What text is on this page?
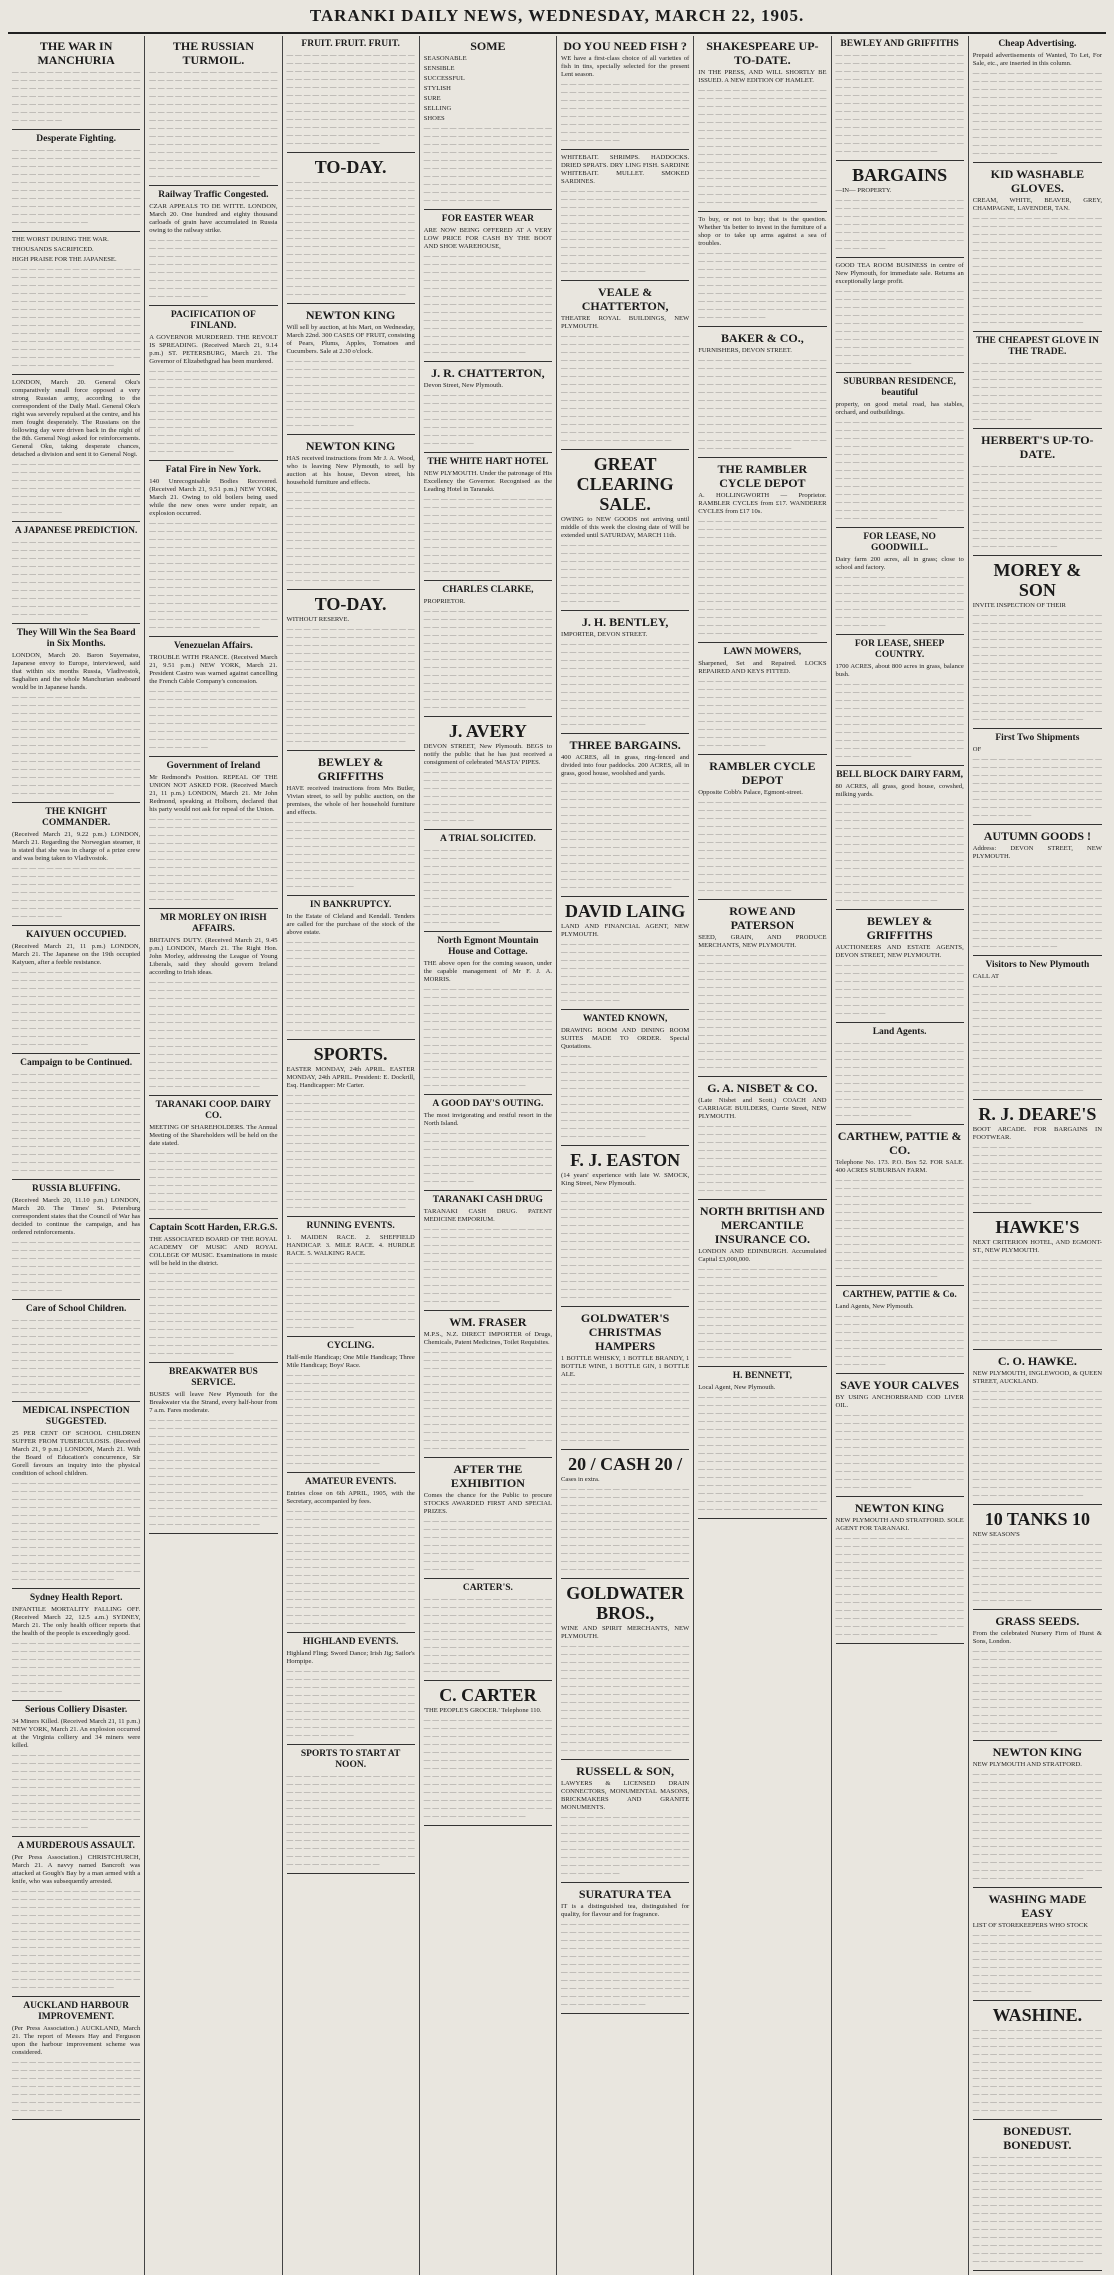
TARANKI DAILY NEWS, WEDNESDAY, MARCH 22, 1905.
THE WAR IN MANCHURIA
— — — — — — — — — — — — — — — — — — — — — — — — — — — — — — — — — — — — — — — — — — — — — — — — — — — — — — — — — — — — — — — — — — — — — — — — — — — — — — — — — — — — — — — — — — — — — — — —
Desperate Fighting.
— — — — — — — — — — — — — — — — — — — — — — — — — — — — — — — — — — — — — — — — — — — — — — — — — — — — — — — — — — — — — — — — — — — — — — — — — — — — — — — — — — — — — — — — — — — — — — — — — — — — — — — — — — — — — — — — — — — — — — — — — — — — — — — — — — — — — — — — — — — — — — — —
THE WORST DURING THE WAR.
THOUSANDS SACRIFICED.
HIGH PRAISE FOR THE JAPANESE.
— — — — — — — — — — — — — — — — — — — — — — — — — — — — — — — — — — — — — — — — — — — — — — — — — — — — — — — — — — — — — — — — — — — — — — — — — — — — — — — — — — — — — — — — — — — — — — — — — — — — — — — — — — — — — — — — — — — — — — — — — — — — — — — — — — — — — — — — — — — — — — — — — — — — — — — — — — — — — — — — — — — — — — — — — — — — — — — — — — — — — — — — — — — — — — — —
LONDON, March 20. General Oku's comparatively small force opposed a very strong Russian army, according to the correspondent of the Daily Mail. General Oku's right was severely repulsed at the centre, and his men fought desperately. The Russians on the following day were driven back in the night of the 8th. General Nogi asked for reinforcements. General Oku, taking desperate chances, detached a division and sent it to General Nogi.
— — — — — — — — — — — — — — — — — — — — — — — — — — — — — — — — — — — — — — — — — — — — — — — — — — — — — — — — — — — — — — — — — — — — — — — — — — — — — — — — — — — — — — — — — — — — — — — —
A JAPANESE PREDICTION.
— — — — — — — — — — — — — — — — — — — — — — — — — — — — — — — — — — — — — — — — — — — — — — — — — — — — — — — — — — — — — — — — — — — — — — — — — — — — — — — — — — — — — — — — — — — — — — — — — — — — — — — — — — — — — — — — — — — — — — — — — — — — — — — — — — — — — — — — — — — — — — — —
They Will Win the Sea Board in Six Months.
LONDON, March 20. Baron Suyematsu, Japanese envoy to Europe, interviewed, said that within six months Russia, Vladivostok, Saghalien and the whole Manchurian seaboard would be in Japanese hands.
— — — — — — — — — — — — — — — — — — — — — — — — — — — — — — — — — — — — — — — — — — — — — — — — — — — — — — — — — — — — — — — — — — — — — — — — — — — — — — — — — — — — — — — — — — — — — — — — — — — — — — — — — — — — — — — — — — — — — — — — — — — — — — — — — — — — — — — — — — — — — — — — — — — — — — — — — — — — — — — — — — — — — — — — — — — — — — — — — — — — — — — — — — — — — — — —
THE KNIGHT COMMANDER.
(Received March 21, 9.22 p.m.) LONDON, March 21. Regarding the Norwegian steamer, it is stated that she was in charge of a prize crew and was being taken to Vladivostok.
— — — — — — — — — — — — — — — — — — — — — — — — — — — — — — — — — — — — — — — — — — — — — — — — — — — — — — — — — — — — — — — — — — — — — — — — — — — — — — — — — — — — — — — — — — — — — — — —
KAIYUEN OCCUPIED.
(Received March 21, 11 p.m.) LONDON, March 21. The Japanese on the 19th occupied Kaiyuen, after a feeble resistance.
— — — — — — — — — — — — — — — — — — — — — — — — — — — — — — — — — — — — — — — — — — — — — — — — — — — — — — — — — — — — — — — — — — — — — — — — — — — — — — — — — — — — — — — — — — — — — — — — — — — — — — — — — — — — — — — — — — — — — — — — — — — — — — — — — — — — — — — — — — — — — — — —
Campaign to be Continued.
— — — — — — — — — — — — — — — — — — — — — — — — — — — — — — — — — — — — — — — — — — — — — — — — — — — — — — — — — — — — — — — — — — — — — — — — — — — — — — — — — — — — — — — — — — — — — — — — — — — — — — — — — — — — — — — — — — — — — — — — — — — — — — — — — — — — — — — — — — — — — — — — — — — — — — — — — — — — — — — — — — — — — — — — — — — — — — — — — — — — — — — — — — — — — — — —
RUSSIA BLUFFING.
(Received March 20, 11.10 p.m.) LONDON, March 20. The Times' St. Petersburg correspondent states that the Council of War has decided to continue the campaign, and has ordered reinforcements.
— — — — — — — — — — — — — — — — — — — — — — — — — — — — — — — — — — — — — — — — — — — — — — — — — — — — — — — — — — — — — — — — — — — — — — — — — — — — — — — — — — — — — — — — — — — — — — — —
Care of School Children.
— — — — — — — — — — — — — — — — — — — — — — — — — — — — — — — — — — — — — — — — — — — — — — — — — — — — — — — — — — — — — — — — — — — — — — — — — — — — — — — — — — — — — — — — — — — — — — — — — — — — — — — — — — — — — — — — — — — — — — — — — — — — — — — — — — — — — — — — — — — — — — — —
MEDICAL INSPECTION SUGGESTED.
25 PER CENT OF SCHOOL CHILDREN SUFFER FROM TUBERCULOSIS. (Received March 21, 9 p.m.) LONDON, March 21. With the Board of Education's concurrence, Sir Gorell favours an inquiry into the physical condition of school children.
— — — — — — — — — — — — — — — — — — — — — — — — — — — — — — — — — — — — — — — — — — — — — — — — — — — — — — — — — — — — — — — — — — — — — — — — — — — — — — — — — — — — — — — — — — — — — — — — — — — — — — — — — — — — — — — — — — — — — — — — — — — — — — — — — — — — — — — — — — — — — — — — — — — — — — — — — — — — — — — — — — — — — — — — — — — — — — — — — — — — — — — — — — — — — — — —
Sydney Health Report.
INFANTILE MORTALITY FALLING OFF. (Received March 22, 12.5 a.m.) SYDNEY, March 21. The only health officer reports that the health of the people is exceedingly good.
— — — — — — — — — — — — — — — — — — — — — — — — — — — — — — — — — — — — — — — — — — — — — — — — — — — — — — — — — — — — — — — — — — — — — — — — — — — — — — — — — — — — — — — — — — — — — — — —
Serious Colliery Disaster.
34 Miners Killed. (Received March 21, 11 p.m.) NEW YORK, March 21. An explosion occurred at the Virginia colliery and 34 miners were killed.
— — — — — — — — — — — — — — — — — — — — — — — — — — — — — — — — — — — — — — — — — — — — — — — — — — — — — — — — — — — — — — — — — — — — — — — — — — — — — — — — — — — — — — — — — — — — — — — — — — — — — — — — — — — — — — — — — — — — — — — — — — — — — — — — — — — — — — — — — — — — — — — —
A MURDEROUS ASSAULT.
(Per Press Association.) CHRISTCHURCH, March 21. A navvy named Bancroft was attacked at Gough's Bay by a man armed with a knife, who was subsequently arrested.
— — — — — — — — — — — — — — — — — — — — — — — — — — — — — — — — — — — — — — — — — — — — — — — — — — — — — — — — — — — — — — — — — — — — — — — — — — — — — — — — — — — — — — — — — — — — — — — — — — — — — — — — — — — — — — — — — — — — — — — — — — — — — — — — — — — — — — — — — — — — — — — — — — — — — — — — — — — — — — — — — — — — — — — — — — — — — — — — — — — — — — — — — — — — — — — —
AUCKLAND HARBOUR IMPROVEMENT.
(Per Press Association.) AUCKLAND, March 21. The report of Messrs Hay and Ferguson upon the harbour improvement scheme was considered.
— — — — — — — — — — — — — — — — — — — — — — — — — — — — — — — — — — — — — — — — — — — — — — — — — — — — — — — — — — — — — — — — — — — — — — — — — — — — — — — — — — — — — — — — — — — — — — — —
THE RUSSIAN TURMOIL.
— — — — — — — — — — — — — — — — — — — — — — — — — — — — — — — — — — — — — — — — — — — — — — — — — — — — — — — — — — — — — — — — — — — — — — — — — — — — — — — — — — — — — — — — — — — — — — — — — — — — — — — — — — — — — — — — — — — — — — — — — — — — — — — — — — — — — — — — — — — — — — — — — — — — — — — — — — — — — — — — — — — — — — — — — — — — — — — — — — — — — — — — — — — — — — — — — — — — — — — — — — — — — — — —
Railway Traffic Congested.
CZAR APPEALS TO DE WITTE. LONDON, March 20. One hundred and eighty thousand carloads of grain have accumulated in Russia owing to the railway strike.
— — — — — — — — — — — — — — — — — — — — — — — — — — — — — — — — — — — — — — — — — — — — — — — — — — — — — — — — — — — — — — — — — — — — — — — — — — — — — — — — — — — — — — — — — — — — — — — — — — — — — — — — — — — — — — — —
PACIFICATION OF FINLAND.
A GOVERNOR MURDERED. THE REVOLT IS SPREADING. (Received March 21, 9.14 p.m.) ST. PETERSBURG, March 21. The Governor of Elizabethgrad has been murdered.
— — — — — — — — — — — — — — — — — — — — — — — — — — — — — — — — — — — — — — — — — — — — — — — — — — — — — — — — — — — — — — — — — — — — — — — — — — — — — — — — — — — — — — — — — — — — — — — — — — — — — — — — — — — — — — — — — — — — — — — — — — — — — — — — — — — — — — — — — — — — — — — — — — — — — — — — — — — — — — — —
Fatal Fire in New York.
140 Unrecognisable Bodies Recovered. (Received March 21, 9.51 p.m.) NEW YORK, March 21. Owing to old boilers being used while the new ones were under repair, an explosion occurred.
— — — — — — — — — — — — — — — — — — — — — — — — — — — — — — — — — — — — — — — — — — — — — — — — — — — — — — — — — — — — — — — — — — — — — — — — — — — — — — — — — — — — — — — — — — — — — — — — — — — — — — — — — — — — — — — — — — — — — — — — — — — — — — — — — — — — — — — — — — — — — — — — — — — — — — — — — — — — — — — — — — — — — — — — — — — — — — — — — — — — — — — — — — — — — — — — — — — — — — — — — — — — — — — —
Venezuelan Affairs.
TROUBLE WITH FRANCE. (Received March 21, 9.51 p.m.) NEW YORK, March 21. President Castro was warned against cancelling the French Cable Company's concession.
— — — — — — — — — — — — — — — — — — — — — — — — — — — — — — — — — — — — — — — — — — — — — — — — — — — — — — — — — — — — — — — — — — — — — — — — — — — — — — — — — — — — — — — — — — — — — — — — — — — — — — — — — — — — — — — —
Government of Ireland
Mr Redmond's Position. REPEAL OF THE UNION NOT ASKED FOR. (Received March 21, 11 p.m.) LONDON, March 21. Mr John Redmond, speaking at Holborn, declared that his party would not ask for repeal of the Union.
— — — — — — — — — — — — — — — — — — — — — — — — — — — — — — — — — — — — — — — — — — — — — — — — — — — — — — — — — — — — — — — — — — — — — — — — — — — — — — — — — — — — — — — — — — — — — — — — — — — — — — — — — — — — — — — — — — — — — — — — — — — — — — — — — — — — — — — — — — — — — — — — — — — — — — — — — — — — — — — —
MR MORLEY ON IRISH AFFAIRS.
BRITAIN'S DUTY. (Received March 21, 9.45 p.m.) LONDON, March 21. The Right Hon. John Morley, addressing the League of Young Liberals, said they should govern Ireland according to Irish ideas.
— — — — — — — — — — — — — — — — — — — — — — — — — — — — — — — — — — — — — — — — — — — — — — — — — — — — — — — — — — — — — — — — — — — — — — — — — — — — — — — — — — — — — — — — — — — — — — — — — — — — — — — — — — — — — — — — — — — — — — — — — — — — — — — — — — — — — — — — — — — — — — — — — — — — — — — — — — — — — — — — — — — — — — — — — — — — — — — — — — — — — — — — — — — — — — — — — — — — — — — — — — — — — — — —
TARANAKI COOP. DAIRY CO.
MEETING OF SHAREHOLDERS. The Annual Meeting of the Shareholders will be held on the date stated.
— — — — — — — — — — — — — — — — — — — — — — — — — — — — — — — — — — — — — — — — — — — — — — — — — — — — — — — — — — — — — — — — — — — — — — — — — — — — — — — — — — — — — — — — — — — — — — — — — — — — — — — — — — — — — — — —
Captain Scott Harden, F.R.G.S.
THE ASSOCIATED BOARD OF THE ROYAL ACADEMY OF MUSIC AND ROYAL COLLEGE OF MUSIC. Examinations in music will be held in the district.
— — — — — — — — — — — — — — — — — — — — — — — — — — — — — — — — — — — — — — — — — — — — — — — — — — — — — — — — — — — — — — — — — — — — — — — — — — — — — — — — — — — — — — — — — — — — — — — — — — — — — — — — — — — — — — — — — — — — — — — — — — — — — — — — — — — — — — — — — — — — — — — — — — — — — — — — — — — — — — — —
BREAKWATER BUS SERVICE.
BUSES will leave New Plymouth for the Breakwater via the Strand, every half-hour from 7 a.m. Fares moderate.
— — — — — — — — — — — — — — — — — — — — — — — — — — — — — — — — — — — — — — — — — — — — — — — — — — — — — — — — — — — — — — — — — — — — — — — — — — — — — — — — — — — — — — — — — — — — — — — — — — — — — — — — — — — — — — — — — — — — — — — — — — — — — — — — — — — — — — — — — — — — — — — — — — — — — — — — — — — — — — — — — — — — — — — — — — — — — — — — — — — — — — — — — — — — — — — — — — — — — — — — — — — — — — — —
FRUIT. FRUIT. FRUIT.
— — — — — — — — — — — — — — — — — — — — — — — — — — — — — — — — — — — — — — — — — — — — — — — — — — — — — — — — — — — — — — — — — — — — — — — — — — — — — — — — — — — — — — — — — — — — — — — — — — — — — — — — — — — — — — — — — — — — — — — — — — — — — — — — — — — — — — — — — — — — — — — — — — — — — — — — — — — — — — — — — — — — — — — — — — — — — — — —
TO-DAY.
— — — — — — — — — — — — — — — — — — — — — — — — — — — — — — — — — — — — — — — — — — — — — — — — — — — — — — — — — — — — — — — — — — — — — — — — — — — — — — — — — — — — — — — — — — — — — — — — — — — — — — — — — — — — — — — — — — — — — — — — — — — — — — — — — — — — — — — — — — — — — — — — — — — — — — — — — — — — — — — — — — — — — — — — — — — — — — — — — — — — — — — — — — — — — — — — — — — — — — — — — — — — — — — — — — — — — — — — — — — — — — — —
NEWTON KING
Will sell by auction, at his Mart, on Wednesday, March 22nd. 300 CASES OF FRUIT, consisting of Pears, Plums, Apples, Tomatoes and Cucumbers. Sale at 2.30 o'clock.
— — — — — — — — — — — — — — — — — — — — — — — — — — — — — — — — — — — — — — — — — — — — — — — — — — — — — — — — — — — — — — — — — — — — — — — — — — — — — — — — — — — — — — — — — — — — — — — — — — — — — — — — — — — — — — — — — — — — — — — — — — — — — — — —
NEWTON KING
HAS received instructions from Mr J. A. Wood, who is leaving New Plymouth, to sell by auction at his house, Devon street, his household furniture and effects.
— — — — — — — — — — — — — — — — — — — — — — — — — — — — — — — — — — — — — — — — — — — — — — — — — — — — — — — — — — — — — — — — — — — — — — — — — — — — — — — — — — — — — — — — — — — — — — — — — — — — — — — — — — — — — — — — — — — — — — — — — — — — — — — — — — — — — — — — — — — — — — — — — — — — — — — — — — — — — — — — — — — — — — — — — — — — — — — —
TO-DAY.
WITHOUT RESERVE.
— — — — — — — — — — — — — — — — — — — — — — — — — — — — — — — — — — — — — — — — — — — — — — — — — — — — — — — — — — — — — — — — — — — — — — — — — — — — — — — — — — — — — — — — — — — — — — — — — — — — — — — — — — — — — — — — — — — — — — — — — — — — — — — — — — — — — — — — — — — — — — — — — — — — — — — — — — — — — — — — — — — — — — — — — — — — — — — — — — — — — — — — — — — — — — — — — — — — — — — — — — — — — — — — — — — — — — — — — — — — — — — —
BEWLEY & GRIFFITHS
HAVE received instructions from Mrs Butler, Vivian street, to sell by public auction, on the premises, the whole of her household furniture and effects.
— — — — — — — — — — — — — — — — — — — — — — — — — — — — — — — — — — — — — — — — — — — — — — — — — — — — — — — — — — — — — — — — — — — — — — — — — — — — — — — — — — — — — — — — — — — — — — — — — — — — — — — — — — — — — — — — — — — — — — — — — — — — — — — —
IN BANKRUPTCY.
In the Estate of Cleland and Kendall. Tenders are called for the purchase of the stock of the above estate.
— — — — — — — — — — — — — — — — — — — — — — — — — — — — — — — — — — — — — — — — — — — — — — — — — — — — — — — — — — — — — — — — — — — — — — — — — — — — — — — — — — — — — — — — — — — — — — — — — — — — — — — — — — — — — — — — — — — — — — — — — — — — — — — — — — — — — — — — — — — — — — — — — — — — — — — — — — — — — — — — — — — — — — — — — — — — — — — —
SPORTS.
EASTER MONDAY, 24th APRIL. EASTER MONDAY, 24th APRIL. President: E. Dockrill, Esq. Handicapper: Mr Carter.
— — — — — — — — — — — — — — — — — — — — — — — — — — — — — — — — — — — — — — — — — — — — — — — — — — — — — — — — — — — — — — — — — — — — — — — — — — — — — — — — — — — — — — — — — — — — — — — — — — — — — — — — — — — — — — — — — — — — — — — — — — — — — — — — — — — — — — — — — — — — — — — — — — — — — — — — — — — — — — — — — — — — — — — — — — — — — — — — — — — — — — — — — — — — — — — — — — — — — — — — — — — — — — — — — — — — — — — — — — — — — — — —
RUNNING EVENTS.
1. MAIDEN RACE. 2. SHEFFIELD HANDICAP. 3. MILE RACE. 4. HURDLE RACE. 5. WALKING RACE.
— — — — — — — — — — — — — — — — — — — — — — — — — — — — — — — — — — — — — — — — — — — — — — — — — — — — — — — — — — — — — — — — — — — — — — — — — — — — — — — — — — — — — — — — — — — — — — — — — — — — — — — — — — — — — — — — — — — — — — — — — — — — — — — —
CYCLING.
Half-mile Handicap; One Mile Handicap; Three Mile Handicap; Boys' Race.
— — — — — — — — — — — — — — — — — — — — — — — — — — — — — — — — — — — — — — — — — — — — — — — — — — — — — — — — — — — — — — — — — — — — — — — — — — — — — — — — — — — — — — — — — — — — — — — — — — — — — — — — — — — — — — — — — — — — — — — — — — — — — — — — — — — — — — — — — — — — — — — — — — — — — — — — — — — — — — — — — — — — — — — — — — — — — — — —
AMATEUR EVENTS.
Entries close on 6th APRIL, 1905, with the Secretary, accompanied by fees.
— — — — — — — — — — — — — — — — — — — — — — — — — — — — — — — — — — — — — — — — — — — — — — — — — — — — — — — — — — — — — — — — — — — — — — — — — — — — — — — — — — — — — — — — — — — — — — — — — — — — — — — — — — — — — — — — — — — — — — — — — — — — — — — — — — — — — — — — — — — — — — — — — — — — — — — — — — — — — — — — — — — — — — — — — — — — — — — — — — — — — — — — — — — — — — — — — — — — — — — — — — — — — — — — — — — — — — — — — — — — — — — —
HIGHLAND EVENTS.
Highland Fling; Sword Dance; Irish Jig; Sailor's Hornpipe.
— — — — — — — — — — — — — — — — — — — — — — — — — — — — — — — — — — — — — — — — — — — — — — — — — — — — — — — — — — — — — — — — — — — — — — — — — — — — — — — — — — — — — — — — — — — — — — — — — — — — — — — — — — — — — — — — — — — — — — — — — — — — — — — —
SPORTS TO START AT NOON.
— — — — — — — — — — — — — — — — — — — — — — — — — — — — — — — — — — — — — — — — — — — — — — — — — — — — — — — — — — — — — — — — — — — — — — — — — — — — — — — — — — — — — — — — — — — — — — — — — — — — — — — — — — — — — — — — — — — — — — — — — — — — — — — — — — — — — — — — — — — — — — — — — — — — — — — — — — — — — — — — — — — — — — — — — — — — — — — —
SOME
SEASONABLE
SENSIBLE
SUCCESSFUL
STYLISH
SURE
SELLING
SHOES
— — — — — — — — — — — — — — — — — — — — — — — — — — — — — — — — — — — — — — — — — — — — — — — — — — — — — — — — — — — — — — — — — — — — — — — — — — — — — — — — — — — — — — — — — — — — — — — — — — — — — — — — — — — — — — — — — — — — — — — — — — — — — — — — — — — — — — — — — — — — — — — —
FOR EASTER WEAR
ARE NOW BEING OFFERED AT A VERY LOW PRICE FOR CASH BY THE BOOT AND SHOE WAREHOUSE,
— — — — — — — — — — — — — — — — — — — — — — — — — — — — — — — — — — — — — — — — — — — — — — — — — — — — — — — — — — — — — — — — — — — — — — — — — — — — — — — — — — — — — — — — — — — — — — — — — — — — — — — — — — — — — — — — — — — — — — — — — — — — — — — — — — — — — — — — — — — — — — — — — — — — — — — — — — — — — — — — — — — — — — — — — — — — — — — — — — — — — — — — — — — — — — — —
J. R. CHATTERTON,
Devon Street, New Plymouth.
— — — — — — — — — — — — — — — — — — — — — — — — — — — — — — — — — — — — — — — — — — — — — — — — — — — — — — — — — — — — — — — — — — — — — — — — — — — — — — — — — — — — — — — — — — — — — — — —
THE WHITE HART HOTEL
NEW PLYMOUTH. Under the patronage of His Excellency the Governor. Recognised as the Leading Hotel in Taranaki.
— — — — — — — — — — — — — — — — — — — — — — — — — — — — — — — — — — — — — — — — — — — — — — — — — — — — — — — — — — — — — — — — — — — — — — — — — — — — — — — — — — — — — — — — — — — — — — — — — — — — — — — — — — — — — — — — — — — — — — — — — — — — — — — — — — — — — — — — — — — — — — — —
CHARLES CLARKE,
PROPRIETOR.
— — — — — — — — — — — — — — — — — — — — — — — — — — — — — — — — — — — — — — — — — — — — — — — — — — — — — — — — — — — — — — — — — — — — — — — — — — — — — — — — — — — — — — — — — — — — — — — — — — — — — — — — — — — — — — — — — — — — — — — — — — — — — — — — — — — — — — — — — — — — — — — — — — — — — — — — — — — — — — — — — — — — — — — — — — — — — — — — — — — — — — — — — — — — — — — —
J. AVERY
DEVON STREET, New Plymouth. BEGS to notify the public that he has just received a consignment of celebrated 'MASTA' PIPES.
— — — — — — — — — — — — — — — — — — — — — — — — — — — — — — — — — — — — — — — — — — — — — — — — — — — — — — — — — — — — — — — — — — — — — — — — — — — — — — — — — — — — — — — — — — — — — — — —
A TRIAL SOLICITED.
— — — — — — — — — — — — — — — — — — — — — — — — — — — — — — — — — — — — — — — — — — — — — — — — — — — — — — — — — — — — — — — — — — — — — — — — — — — — — — — — — — — — — — — — — — — — — — — — — — — — — — — — — — — — — — — — — — — — — — — — — — — — — — — — — — — — — — — — — — — — — — — —
North Egmont Mountain House and Cottage.
THE above open for the coming season, under the capable management of Mr F. J. A. MORRIS.
— — — — — — — — — — — — — — — — — — — — — — — — — — — — — — — — — — — — — — — — — — — — — — — — — — — — — — — — — — — — — — — — — — — — — — — — — — — — — — — — — — — — — — — — — — — — — — — — — — — — — — — — — — — — — — — — — — — — — — — — — — — — — — — — — — — — — — — — — — — — — — — — — — — — — — — — — — — — — — — — — — — — — — — — — — — — — — — — — — — — — — — — — — — — — — — —
A GOOD DAY'S OUTING.
The most invigorating and restful resort in the North Island.
— — — — — — — — — — — — — — — — — — — — — — — — — — — — — — — — — — — — — — — — — — — — — — — — — — — — — — — — — — — — — — — — — — — — — — — — — — — — — — — — — — — — — — — — — — — — — — — —
TARANAKI CASH DRUG
TARANAKI CASH DRUG. PATENT MEDICINE EMPORIUM.
— — — — — — — — — — — — — — — — — — — — — — — — — — — — — — — — — — — — — — — — — — — — — — — — — — — — — — — — — — — — — — — — — — — — — — — — — — — — — — — — — — — — — — — — — — — — — — — — — — — — — — — — — — — — — — — — — — — — — — — — — — — — — — — — — — — — — — — — — — — — — — — —
WM. FRASER
M.P.S., N.Z. DIRECT IMPORTER of Drugs, Chemicals, Patent Medicines, Toilet Requisites.
— — — — — — — — — — — — — — — — — — — — — — — — — — — — — — — — — — — — — — — — — — — — — — — — — — — — — — — — — — — — — — — — — — — — — — — — — — — — — — — — — — — — — — — — — — — — — — — — — — — — — — — — — — — — — — — — — — — — — — — — — — — — — — — — — — — — — — — — — — — — — — — — — — — — — — — — — — — — — — — — — — — — — — — — — — — — — — — — — — — — — — — — — — — — — — — —
AFTER THE EXHIBITION
Comes the chance for the Public to procure STOCKS AWARDED FIRST AND SPECIAL PRIZES.
— — — — — — — — — — — — — — — — — — — — — — — — — — — — — — — — — — — — — — — — — — — — — — — — — — — — — — — — — — — — — — — — — — — — — — — — — — — — — — — — — — — — — — — — — — — — — — — —
CARTER'S.
— — — — — — — — — — — — — — — — — — — — — — — — — — — — — — — — — — — — — — — — — — — — — — — — — — — — — — — — — — — — — — — — — — — — — — — — — — — — — — — — — — — — — — — — — — — — — — — — — — — — — — — — — — — — — — — — — — — — — — — — — — — — — — — — — — — — — — — — — — — — — — — —
C. CARTER
'THE PEOPLE'S GROCER.' Telephone 110.
— — — — — — — — — — — — — — — — — — — — — — — — — — — — — — — — — — — — — — — — — — — — — — — — — — — — — — — — — — — — — — — — — — — — — — — — — — — — — — — — — — — — — — — — — — — — — — — — — — — — — — — — — — — — — — — — — — — — — — — — — — — — — — — — — — — — — — — — — — — — — — — — — — — — — — — — — — — — — — — — — — — — — — — — — — — — — — — — — — — — — — — — — — — — — — — —
DO YOU NEED FISH ?
WE have a first-class choice of all varieties of fish in tins, specially selected for the present Lent season.
— — — — — — — — — — — — — — — — — — — — — — — — — — — — — — — — — — — — — — — — — — — — — — — — — — — — — — — — — — — — — — — — — — — — — — — — — — — — — — — — — — — — — — — — — — — — — — — — — — — — — — — — — — — — — — — —
WHITEBAIT. SHRIMPS. HADDOCKS. DRIED SPRATS. DRY LING FISH. SARDINE WHITEBAIT. MULLET. SMOKED SARDINES.
— — — — — — — — — — — — — — — — — — — — — — — — — — — — — — — — — — — — — — — — — — — — — — — — — — — — — — — — — — — — — — — — — — — — — — — — — — — — — — — — — — — — — — — — — — — — — — — — — — — — — — — — — — — — — — — — — — — — — — — — — — — — — — — — — — — — — — — — — — — — — — — — — — — — — — — — — — — — — — — —
VEALE & CHATTERTON,
THEATRE ROYAL BUILDINGS, NEW PLYMOUTH.
— — — — — — — — — — — — — — — — — — — — — — — — — — — — — — — — — — — — — — — — — — — — — — — — — — — — — — — — — — — — — — — — — — — — — — — — — — — — — — — — — — — — — — — — — — — — — — — — — — — — — — — — — — — — — — — — — — — — — — — — — — — — — — — — — — — — — — — — — — — — — — — — — — — — — — — — — — — — — — — — — — — — — — — — — — — — — — — — — — — — — — — — — — — — — — — — — — — — — — — — — — — — — — — —
GREAT CLEARING SALE.
OWING to NEW GOODS not arriving until middle of this week the closing date of Will be extended until SATURDAY, MARCH 11th.
— — — — — — — — — — — — — — — — — — — — — — — — — — — — — — — — — — — — — — — — — — — — — — — — — — — — — — — — — — — — — — — — — — — — — — — — — — — — — — — — — — — — — — — — — — — — — — — — — — — — — — — — — — — — — — — —
J. H. BENTLEY,
IMPORTER, DEVON STREET.
— — — — — — — — — — — — — — — — — — — — — — — — — — — — — — — — — — — — — — — — — — — — — — — — — — — — — — — — — — — — — — — — — — — — — — — — — — — — — — — — — — — — — — — — — — — — — — — — — — — — — — — — — — — — — — — — — — — — — — — — — — — — — — — — — — — — — — — — — — — — — — — — — — — — — — — — — — — — — — — —
THREE BARGAINS.
400 ACRES, all in grass, ring-fenced and divided into four paddocks. 200 ACRES, all in grass, good house, woolshed and yards.
— — — — — — — — — — — — — — — — — — — — — — — — — — — — — — — — — — — — — — — — — — — — — — — — — — — — — — — — — — — — — — — — — — — — — — — — — — — — — — — — — — — — — — — — — — — — — — — — — — — — — — — — — — — — — — — — — — — — — — — — — — — — — — — — — — — — — — — — — — — — — — — — — — — — — — — — — — — — — — — — — — — — — — — — — — — — — — — — — — — — — — — — — — — — — — — — — — — — — — — — — — — — — — — —
DAVID LAING
LAND AND FINANCIAL AGENT, NEW PLYMOUTH.
— — — — — — — — — — — — — — — — — — — — — — — — — — — — — — — — — — — — — — — — — — — — — — — — — — — — — — — — — — — — — — — — — — — — — — — — — — — — — — — — — — — — — — — — — — — — — — — — — — — — — — — — — — — — — — — —
WANTED KNOWN,
DRAWING ROOM AND DINING ROOM SUITES MADE TO ORDER. Special Quotations.
— — — — — — — — — — — — — — — — — — — — — — — — — — — — — — — — — — — — — — — — — — — — — — — — — — — — — — — — — — — — — — — — — — — — — — — — — — — — — — — — — — — — — — — — — — — — — — — — — — — — — — — — — — — — — — — — — — — — — — — — — — — — — — — — — — — — — — — — — — — — — — — — — — — — — — — — — — — — — — — —
F. J. EASTON
(14 years' experience with late W. SMOCK, King Street, New Plymouth.
— — — — — — — — — — — — — — — — — — — — — — — — — — — — — — — — — — — — — — — — — — — — — — — — — — — — — — — — — — — — — — — — — — — — — — — — — — — — — — — — — — — — — — — — — — — — — — — — — — — — — — — — — — — — — — — — — — — — — — — — — — — — — — — — — — — — — — — — — — — — — — — — — — — — — — — — — — — — — — — — — — — — — — — — — — — — — — — — — — — — — — — — — — — — — — — — — — — — — — — — — — — — — — — —
GOLDWATER'S CHRISTMAS HAMPERS
1 BOTTLE WHISKY, 1 BOTTLE BRANDY, 1 BOTTLE WINE, 1 BOTTLE GIN, 1 BOTTLE ALE.
— — — — — — — — — — — — — — — — — — — — — — — — — — — — — — — — — — — — — — — — — — — — — — — — — — — — — — — — — — — — — — — — — — — — — — — — — — — — — — — — — — — — — — — — — — — — — — — — — — — — — — — — — — — — — — — —
20 / CASH 20 /
Cases in extra.
— — — — — — — — — — — — — — — — — — — — — — — — — — — — — — — — — — — — — — — — — — — — — — — — — — — — — — — — — — — — — — — — — — — — — — — — — — — — — — — — — — — — — — — — — — — — — — — — — — — — — — — — — — — — — — — — — — — — — — — — — — — — — — — — — — — — — — — — — — — — — — — — — — — — — — — — — — — — — — — —
GOLDWATER BROS.,
WINE AND SPIRIT MERCHANTS, NEW PLYMOUTH.
— — — — — — — — — — — — — — — — — — — — — — — — — — — — — — — — — — — — — — — — — — — — — — — — — — — — — — — — — — — — — — — — — — — — — — — — — — — — — — — — — — — — — — — — — — — — — — — — — — — — — — — — — — — — — — — — — — — — — — — — — — — — — — — — — — — — — — — — — — — — — — — — — — — — — — — — — — — — — — — — — — — — — — — — — — — — — — — — — — — — — — — — — — — — — — — — — — — — — — — — — — — — — — — —
RUSSELL & SON,
LAWYERS & LICENSED DRAIN CONNECTORS, MONUMENTAL MASONS, BRICKMAKERS AND GRANITE MONUMENTS.
— — — — — — — — — — — — — — — — — — — — — — — — — — — — — — — — — — — — — — — — — — — — — — — — — — — — — — — — — — — — — — — — — — — — — — — — — — — — — — — — — — — — — — — — — — — — — — — — — — — — — — — — — — — — — — — —
SURATURA TEA
IT is a distinguished tea, distinguished for quality, for flavour and for fragrance.
— — — — — — — — — — — — — — — — — — — — — — — — — — — — — — — — — — — — — — — — — — — — — — — — — — — — — — — — — — — — — — — — — — — — — — — — — — — — — — — — — — — — — — — — — — — — — — — — — — — — — — — — — — — — — — — — — — — — — — — — — — — — — — — — — — — — — — — — — — — — — — — — — — — — — — — — — — — — — — — —
SHAKESPEARE UP-TO-DATE.
IN THE PRESS, AND WILL SHORTLY BE ISSUED. A NEW EDITION OF HAMLET.
— — — — — — — — — — — — — — — — — — — — — — — — — — — — — — — — — — — — — — — — — — — — — — — — — — — — — — — — — — — — — — — — — — — — — — — — — — — — — — — — — — — — — — — — — — — — — — — — — — — — — — — — — — — — — — — — — — — — — — — — — — — — — — — — — — — — — — — — — — — — — — — — — — — — — — — — — — — — — — — — — — — — — — — — — — — — — — — — — — — — — — — — — — — — — — — — — — — — — — — — — — — — — — — — — — — — — — — — — — — — — — — —
To buy, or not to buy; that is the question. Whether 'tis better to invest in the furniture of a shop or to take up arms against a sea of troubles.
— — — — — — — — — — — — — — — — — — — — — — — — — — — — — — — — — — — — — — — — — — — — — — — — — — — — — — — — — — — — — — — — — — — — — — — — — — — — — — — — — — — — — — — — — — — — — — — — — — — — — — — — — — — — — — — — — — — — — — — — — — — — — — — —
BAKER & CO.,
FURNISHERS, DEVON STREET.
— — — — — — — — — — — — — — — — — — — — — — — — — — — — — — — — — — — — — — — — — — — — — — — — — — — — — — — — — — — — — — — — — — — — — — — — — — — — — — — — — — — — — — — — — — — — — — — — — — — — — — — — — — — — — — — — — — — — — — — — — — — — — — — — — — — — — — — — — — — — — — — — — — — — — — — — — — — — — — — — — — — — — — — — — — — — — — — —
THE RAMBLER CYCLE DEPOT
A. HOLLINGWORTH — Proprietor. RAMBLER CYCLES from £17. WANDERER CYCLES from £17 10s.
— — — — — — — — — — — — — — — — — — — — — — — — — — — — — — — — — — — — — — — — — — — — — — — — — — — — — — — — — — — — — — — — — — — — — — — — — — — — — — — — — — — — — — — — — — — — — — — — — — — — — — — — — — — — — — — — — — — — — — — — — — — — — — — — — — — — — — — — — — — — — — — — — — — — — — — — — — — — — — — — — — — — — — — — — — — — — — — — — — — — — — — — — — — — — — — — — — — — — — — — — — — — — — — — — — — — — — — — — — — — — — — —
LAWN MOWERS,
Sharpened, Set and Repaired. LOCKS REPAIRED AND KEYS FITTED.
— — — — — — — — — — — — — — — — — — — — — — — — — — — — — — — — — — — — — — — — — — — — — — — — — — — — — — — — — — — — — — — — — — — — — — — — — — — — — — — — — — — — — — — — — — — — — — — — — — — — — — — — — — — — — — — — — — — — — — — — — — — — — — — —
RAMBLER CYCLE DEPOT
Opposite Cobb's Palace, Egmont-street.
— — — — — — — — — — — — — — — — — — — — — — — — — — — — — — — — — — — — — — — — — — — — — — — — — — — — — — — — — — — — — — — — — — — — — — — — — — — — — — — — — — — — — — — — — — — — — — — — — — — — — — — — — — — — — — — — — — — — — — — — — — — — — — — — — — — — — — — — — — — — — — — — — — — — — — — — — — — — — — — — — — — — — — — — — — — — — — — —
ROWE AND PATERSON
SEED, GRAIN, AND PRODUCE MERCHANTS, NEW PLYMOUTH.
— — — — — — — — — — — — — — — — — — — — — — — — — — — — — — — — — — — — — — — — — — — — — — — — — — — — — — — — — — — — — — — — — — — — — — — — — — — — — — — — — — — — — — — — — — — — — — — — — — — — — — — — — — — — — — — — — — — — — — — — — — — — — — — — — — — — — — — — — — — — — — — — — — — — — — — — — — — — — — — — — — — — — — — — — — — — — — — — — — — — — — — — — — — — — — — — — — — — — — — — — — — — — — — — — — — — — — — — — — — — — — — —
G. A. NISBET & CO.
(Late Nisbet and Scott.) COACH AND CARRIAGE BUILDERS, Currie Street, NEW PLYMOUTH.
— — — — — — — — — — — — — — — — — — — — — — — — — — — — — — — — — — — — — — — — — — — — — — — — — — — — — — — — — — — — — — — — — — — — — — — — — — — — — — — — — — — — — — — — — — — — — — — — — — — — — — — — — — — — — — — — — — — — — — — — — — — — — — — —
NORTH BRITISH AND MERCANTILE INSURANCE CO.
LONDON AND EDINBURGH. Accumulated Capital £3,000,000.
— — — — — — — — — — — — — — — — — — — — — — — — — — — — — — — — — — — — — — — — — — — — — — — — — — — — — — — — — — — — — — — — — — — — — — — — — — — — — — — — — — — — — — — — — — — — — — — — — — — — — — — — — — — — — — — — — — — — — — — — — — — — — — — — — — — — — — — — — — — — — — — — — — — — — — — — — — — — — — — — — — — — — — — — — — — — — — — —
H. BENNETT,
Local Agent, New Plymouth.
— — — — — — — — — — — — — — — — — — — — — — — — — — — — — — — — — — — — — — — — — — — — — — — — — — — — — — — — — — — — — — — — — — — — — — — — — — — — — — — — — — — — — — — — — — — — — — — — — — — — — — — — — — — — — — — — — — — — — — — — — — — — — — — — — — — — — — — — — — — — — — — — — — — — — — — — — — — — — — — — — — — — — — — — — — — — — — — — — — — — — — — — — — — — — — — — — — — — — — — — — — — — — — — — — — — — — — — — — — — — — — — —
BEWLEY AND GRIFFITHS
— — — — — — — — — — — — — — — — — — — — — — — — — — — — — — — — — — — — — — — — — — — — — — — — — — — — — — — — — — — — — — — — — — — — — — — — — — — — — — — — — — — — — — — — — — — — — — — — — — — — — — — — — — — — — — — — — — — — — — — — — — — — — — — — — — — — — — — — — — — — — — — — — — — — — — — — — — — — — — — — — — — — — — — — — — — — — — — — — — — — — — — — — — — — — — — —
BARGAINS
—IN— PROPERTY.
— — — — — — — — — — — — — — — — — — — — — — — — — — — — — — — — — — — — — — — — — — — — — — — — — — — — — — — — — — — — — — — — — — — — — — — — — — — — — — — — — — — — — — — — — — — — — — — —
GOOD TEA ROOM BUSINESS in centre of New Plymouth, for immediate sale. Returns an exceptionally large profit.
— — — — — — — — — — — — — — — — — — — — — — — — — — — — — — — — — — — — — — — — — — — — — — — — — — — — — — — — — — — — — — — — — — — — — — — — — — — — — — — — — — — — — — — — — — — — — — — — — — — — — — — — — — — — — — — — — — — — — — — — — — — — — — — — — — — — — — — — — — — — — — — —
SUBURBAN RESIDENCE, beautiful
property, on good metal road, has stables, orchard, and outbuildings.
— — — — — — — — — — — — — — — — — — — — — — — — — — — — — — — — — — — — — — — — — — — — — — — — — — — — — — — — — — — — — — — — — — — — — — — — — — — — — — — — — — — — — — — — — — — — — — — — — — — — — — — — — — — — — — — — — — — — — — — — — — — — — — — — — — — — — — — — — — — — — — — — — — — — — — — — — — — — — — — — — — — — — — — — — — — — — — — — — — — — — — — — — — — — — — — —
FOR LEASE, NO GOODWILL.
Dairy farm 200 acres, all in grass; close to school and factory.
— — — — — — — — — — — — — — — — — — — — — — — — — — — — — — — — — — — — — — — — — — — — — — — — — — — — — — — — — — — — — — — — — — — — — — — — — — — — — — — — — — — — — — — — — — — — — — — —
FOR LEASE, SHEEP COUNTRY.
1700 ACRES, about 800 acres in grass, balance bush.
— — — — — — — — — — — — — — — — — — — — — — — — — — — — — — — — — — — — — — — — — — — — — — — — — — — — — — — — — — — — — — — — — — — — — — — — — — — — — — — — — — — — — — — — — — — — — — — — — — — — — — — — — — — — — — — — — — — — — — — — — — — — — — — — — — — — — — — — — — — — — — — —
BELL BLOCK DAIRY FARM,
80 ACRES, all grass, good house, cowshed, milking yards.
— — — — — — — — — — — — — — — — — — — — — — — — — — — — — — — — — — — — — — — — — — — — — — — — — — — — — — — — — — — — — — — — — — — — — — — — — — — — — — — — — — — — — — — — — — — — — — — — — — — — — — — — — — — — — — — — — — — — — — — — — — — — — — — — — — — — — — — — — — — — — — — — — — — — — — — — — — — — — — — — — — — — — — — — — — — — — — — — — — — — — — — — — — — — — — — —
BEWLEY & GRIFFITHS
AUCTIONEERS AND ESTATE AGENTS, DEVON STREET, NEW PLYMOUTH.
— — — — — — — — — — — — — — — — — — — — — — — — — — — — — — — — — — — — — — — — — — — — — — — — — — — — — — — — — — — — — — — — — — — — — — — — — — — — — — — — — — — — — — — — — — — — — — — —
Land Agents.
— — — — — — — — — — — — — — — — — — — — — — — — — — — — — — — — — — — — — — — — — — — — — — — — — — — — — — — — — — — — — — — — — — — — — — — — — — — — — — — — — — — — — — — — — — — — — — — — — — — — — — — — — — — — — — — — — — — — — — — — — — — — — — — — — — — — — — — — — — — — — — — —
CARTHEW, PATTIE & CO.
Telephone No. 173. P.O. Box 52. FOR SALE. 400 ACRES SUBURBAN FARM.
— — — — — — — — — — — — — — — — — — — — — — — — — — — — — — — — — — — — — — — — — — — — — — — — — — — — — — — — — — — — — — — — — — — — — — — — — — — — — — — — — — — — — — — — — — — — — — — — — — — — — — — — — — — — — — — — — — — — — — — — — — — — — — — — — — — — — — — — — — — — — — — — — — — — — — — — — — — — — — — — — — — — — — — — — — — — — — — — — — — — — — — — — — — — — — — —
CARTHEW, PATTIE & Co.
Land Agents, New Plymouth.
— — — — — — — — — — — — — — — — — — — — — — — — — — — — — — — — — — — — — — — — — — — — — — — — — — — — — — — — — — — — — — — — — — — — — — — — — — — — — — — — — — — — — — — — — — — — — — — —
SAVE YOUR CALVES
BY USING ANCHORBRAND COD LIVER OIL.
— — — — — — — — — — — — — — — — — — — — — — — — — — — — — — — — — — — — — — — — — — — — — — — — — — — — — — — — — — — — — — — — — — — — — — — — — — — — — — — — — — — — — — — — — — — — — — — — — — — — — — — — — — — — — — — — — — — — — — — — — — — — — — — — — — — — — — — — — — — — — — — —
NEWTON KING
NEW PLYMOUTH AND STRATFORD. SOLE AGENT FOR TARANAKI.
— — — — — — — — — — — — — — — — — — — — — — — — — — — — — — — — — — — — — — — — — — — — — — — — — — — — — — — — — — — — — — — — — — — — — — — — — — — — — — — — — — — — — — — — — — — — — — — — — — — — — — — — — — — — — — — — — — — — — — — — — — — — — — — — — — — — — — — — — — — — — — — — — — — — — — — — — — — — — — — — — — — — — — — — — — — — — — — — — — — — — — — — — — — — — — — —
Cheap Advertising.
Prepaid advertisements of Wanted, To Let, For Sale, etc., are inserted in this column.
— — — — — — — — — — — — — — — — — — — — — — — — — — — — — — — — — — — — — — — — — — — — — — — — — — — — — — — — — — — — — — — — — — — — — — — — — — — — — — — — — — — — — — — — — — — — — — — — — — — — — — — — — — — — — — — — — — — — — — — — — — — — — — — — — — — — — — — — — — — — — — — — — — — — — — — — — — — — — — — —
KID WASHABLE GLOVES.
CREAM, WHITE, BEAVER, GREY, CHAMPAGNE, LAVENDER, TAN.
— — — — — — — — — — — — — — — — — — — — — — — — — — — — — — — — — — — — — — — — — — — — — — — — — — — — — — — — — — — — — — — — — — — — — — — — — — — — — — — — — — — — — — — — — — — — — — — — — — — — — — — — — — — — — — — — — — — — — — — — — — — — — — — — — — — — — — — — — — — — — — — — — — — — — — — — — — — — — — — — — — — — — — — — — — — — — — — — — — — — — — — — — — — — — — — — — — — — — — — — — — — — — — — —
THE CHEAPEST GLOVE IN THE TRADE.
— — — — — — — — — — — — — — — — — — — — — — — — — — — — — — — — — — — — — — — — — — — — — — — — — — — — — — — — — — — — — — — — — — — — — — — — — — — — — — — — — — — — — — — — — — — — — — — — — — — — — — — — — — — — — — — —
HERBERT'S UP-TO-DATE.
— — — — — — — — — — — — — — — — — — — — — — — — — — — — — — — — — — — — — — — — — — — — — — — — — — — — — — — — — — — — — — — — — — — — — — — — — — — — — — — — — — — — — — — — — — — — — — — — — — — — — — — — — — — — — — — — — — — — — — — — — — — — — — — — — — — — — — — — — — — — — — — — — — — — — — — — — — — — — — — —
MOREY & SON
INVITE INSPECTION OF THEIR
— — — — — — — — — — — — — — — — — — — — — — — — — — — — — — — — — — — — — — — — — — — — — — — — — — — — — — — — — — — — — — — — — — — — — — — — — — — — — — — — — — — — — — — — — — — — — — — — — — — — — — — — — — — — — — — — — — — — — — — — — — — — — — — — — — — — — — — — — — — — — — — — — — — — — — — — — — — — — — — — — — — — — — — — — — — — — — — — — — — — — — — — — — — — — — — — — — — — — — — — — — — — — — — —
First Two Shipments
OF
— — — — — — — — — — — — — — — — — — — — — — — — — — — — — — — — — — — — — — — — — — — — — — — — — — — — — — — — — — — — — — — — — — — — — — — — — — — — — — — — — — — — — — — — — — — — — — — — — — — — — — — — — — — — — — — —
AUTUMN GOODS !
Address: DEVON STREET, NEW PLYMOUTH.
— — — — — — — — — — — — — — — — — — — — — — — — — — — — — — — — — — — — — — — — — — — — — — — — — — — — — — — — — — — — — — — — — — — — — — — — — — — — — — — — — — — — — — — — — — — — — — — — — — — — — — — — — — — — — — — — — — — — — — — — — — — — — — — — — — — — — — — — — — — — — — — — — — — — — — — — — — — — — — — —
Visitors to New Plymouth
CALL AT
— — — — — — — — — — — — — — — — — — — — — — — — — — — — — — — — — — — — — — — — — — — — — — — — — — — — — — — — — — — — — — — — — — — — — — — — — — — — — — — — — — — — — — — — — — — — — — — — — — — — — — — — — — — — — — — — — — — — — — — — — — — — — — — — — — — — — — — — — — — — — — — — — — — — — — — — — — — — — — — — — — — — — — — — — — — — — — — — — — — — — — — — — — — — — — — — — — — — — — — — — — — — — — — —
R. J. DEARE'S
BOOT ARCADE. FOR BARGAINS IN FOOTWEAR.
— — — — — — — — — — — — — — — — — — — — — — — — — — — — — — — — — — — — — — — — — — — — — — — — — — — — — — — — — — — — — — — — — — — — — — — — — — — — — — — — — — — — — — — — — — — — — — — — — — — — — — — — — — — — — — — —
HAWKE'S
NEXT CRITERION HOTEL, AND EGMONT-ST., NEW PLYMOUTH.
— — — — — — — — — — — — — — — — — — — — — — — — — — — — — — — — — — — — — — — — — — — — — — — — — — — — — — — — — — — — — — — — — — — — — — — — — — — — — — — — — — — — — — — — — — — — — — — — — — — — — — — — — — — — — — — — — — — — — — — — — — — — — — — — — — — — — — — — — — — — — — — — — — — — — — — — — — — — — — — —
C. O. HAWKE.
NEW PLYMOUTH, INGLEWOOD, & QUEEN STREET, AUCKLAND.
— — — — — — — — — — — — — — — — — — — — — — — — — — — — — — — — — — — — — — — — — — — — — — — — — — — — — — — — — — — — — — — — — — — — — — — — — — — — — — — — — — — — — — — — — — — — — — — — — — — — — — — — — — — — — — — — — — — — — — — — — — — — — — — — — — — — — — — — — — — — — — — — — — — — — — — — — — — — — — — — — — — — — — — — — — — — — — — — — — — — — — — — — — — — — — — — — — — — — — — — — — — — — — — —
10 TANKS 10
NEW SEASON'S
— — — — — — — — — — — — — — — — — — — — — — — — — — — — — — — — — — — — — — — — — — — — — — — — — — — — — — — — — — — — — — — — — — — — — — — — — — — — — — — — — — — — — — — — — — — — — — — — — — — — — — — — — — — — — — — —
GRASS SEEDS.
From the celebrated Nursery Firm of Hurst & Sons, London.
— — — — — — — — — — — — — — — — — — — — — — — — — — — — — — — — — — — — — — — — — — — — — — — — — — — — — — — — — — — — — — — — — — — — — — — — — — — — — — — — — — — — — — — — — — — — — — — — — — — — — — — — — — — — — — — — — — — — — — — — — — — — — — — — — — — — — — — — — — — — — — — — — — — — — — — — — — — — — — — —
NEWTON KING
NEW PLYMOUTH AND STRATFORD.
— — — — — — — — — — — — — — — — — — — — — — — — — — — — — — — — — — — — — — — — — — — — — — — — — — — — — — — — — — — — — — — — — — — — — — — — — — — — — — — — — — — — — — — — — — — — — — — — — — — — — — — — — — — — — — — — — — — — — — — — — — — — — — — — — — — — — — — — — — — — — — — — — — — — — — — — — — — — — — — — — — — — — — — — — — — — — — — — — — — — — — — — — — — — — — — — — — — — — — — — — — — — — — — —
WASHING MADE EASY
LIST OF STOREKEEPERS WHO STOCK
— — — — — — — — — — — — — — — — — — — — — — — — — — — — — — — — — — — — — — — — — — — — — — — — — — — — — — — — — — — — — — — — — — — — — — — — — — — — — — — — — — — — — — — — — — — — — — — — — — — — — — — — — — — — — — — —
WASHINE.
— — — — — — — — — — — — — — — — — — — — — — — — — — — — — — — — — — — — — — — — — — — — — — — — — — — — — — — — — — — — — — — — — — — — — — — — — — — — — — — — — — — — — — — — — — — — — — — — — — — — — — — — — — — — — — — — — — — — — — — — — — — — — — — — — — — — — — — — — — — — — — — — — — — — — — — — — — — — — — — —
BONEDUST. BONEDUST.
— — — — — — — — — — — — — — — — — — — — — — — — — — — — — — — — — — — — — — — — — — — — — — — — — — — — — — — — — — — — — — — — — — — — — — — — — — — — — — — — — — — — — — — — — — — — — — — — — — — — — — — — — — — — — — — — — — — — — — — — — — — — — — — — — — — — — — — — — — — — — — — — — — — — — — — — — — — — — — — — — — — — — — — — — — — — — — — — — — — — — — — — — — — — — — — — — — — — — — — — — — — — — — — —
